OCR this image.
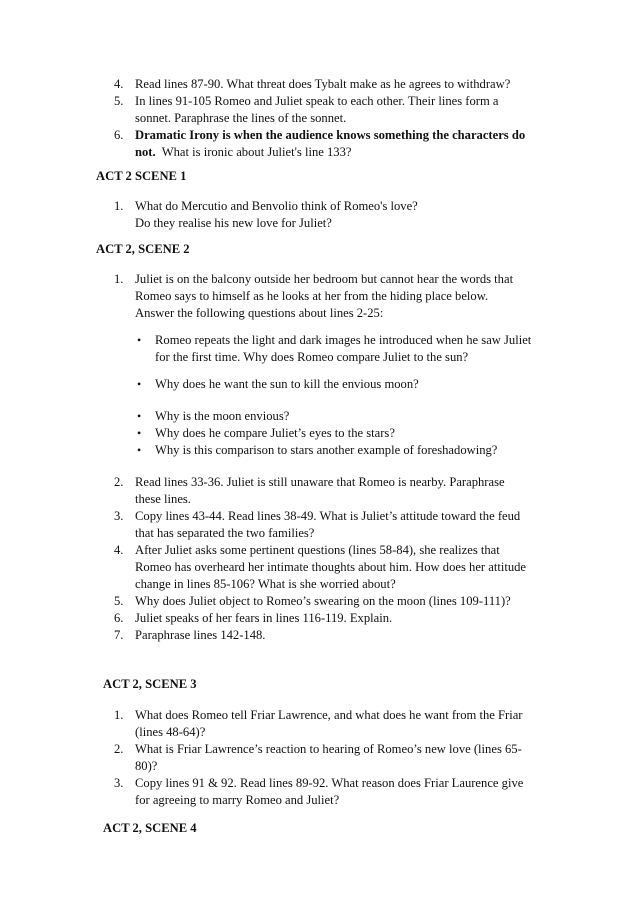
4. Read lines 87-90. What threat does Tybalt make as he agrees to withdraw?
5. In lines 91-105 Romeo and Juliet speak to each other. Their lines form a
sonnet. Paraphrase the lines of the sonnet.
6. Dramatic Irony is when the audience knows something the characters do
not.  What is ironic about Juliet's line 133?
ACT 2 SCENE 1
1. What do Mercutio and Benvolio think of Romeo's love?
Do they realise his new love for Juliet?
ACT 2, SCENE 2
1. Juliet is on the balcony outside her bedroom but cannot hear the words that
Romeo says to himself as he looks at her from the hiding place below.
Answer the following questions about lines 2-25:
• Romeo repeats the light and dark images he introduced when he saw Juliet
for the first time. Why does Romeo compare Juliet to the sun?
• Why does he want the sun to kill the envious moon?
• Why is the moon envious?
• Why does he compare Juliet’s eyes to the stars?
• Why is this comparison to stars another example of foreshadowing?
2. Read lines 33-36. Juliet is still unaware that Romeo is nearby. Paraphrase
these lines.
3. Copy lines 43-44. Read lines 38-49. What is Juliet’s attitude toward the feud
that has separated the two families?
4. After Juliet asks some pertinent questions (lines 58-84), she realizes that
Romeo has overheard her intimate thoughts about him. How does her attitude
change in lines 85-106? What is she worried about?
5. Why does Juliet object to Romeo’s swearing on the moon (lines 109-111)?
6. Juliet speaks of her fears in lines 116-119. Explain.
7. Paraphrase lines 142-148.
ACT 2, SCENE 3
1. What does Romeo tell Friar Lawrence, and what does he want from the Friar
(lines 48-64)?
2. What is Friar Lawrence’s reaction to hearing of Romeo’s new love (lines 65-
80)?
3. Copy lines 91 & 92. Read lines 89-92. What reason does Friar Laurence give
for agreeing to marry Romeo and Juliet?
ACT 2, SCENE 4
